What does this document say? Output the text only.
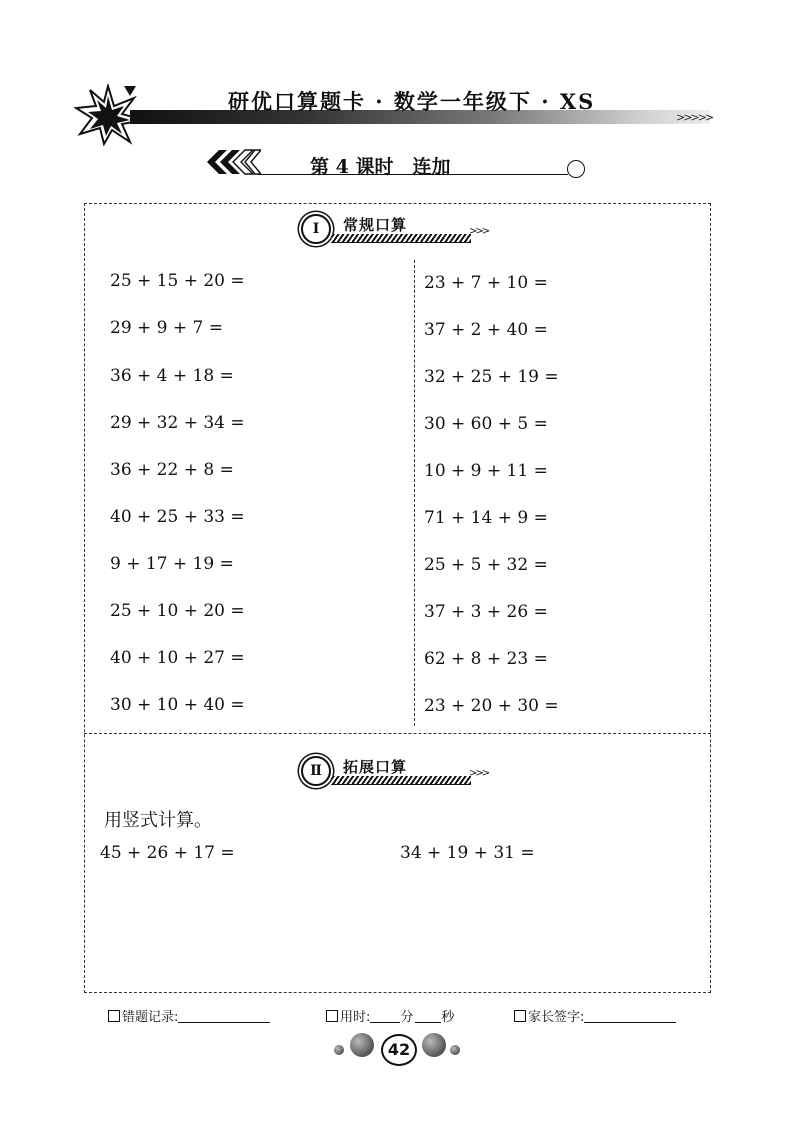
研优口算题卡 · 数学一年级下 · XS
>>>>>
第 4 课时　连加
Ⅰ	常规口算	>>>
25 + 15 + 20 =
29 + 9 + 7 =
36 + 4 + 18 =
29 + 32 + 34 =
36 + 22 + 8 =
40 + 25 + 33 =
9 + 17 + 19 =
25 + 10 + 20 =
40 + 10 + 27 =
30 + 10 + 40 =
23 + 7 + 10 =
37 + 2 + 40 =
32 + 25 + 19 =
30 + 60 + 5 =
10 + 9 + 11 =
71 + 14 + 9 =
25 + 5 + 32 =
37 + 3 + 26 =
62 + 8 + 23 =
23 + 20 + 30 =
Ⅱ	拓展口算	>>>
用竖式计算。
45 + 26 + 17 =	34 + 19 + 31 =
错题记录:	用时: 分 秒	家长签字:
42
